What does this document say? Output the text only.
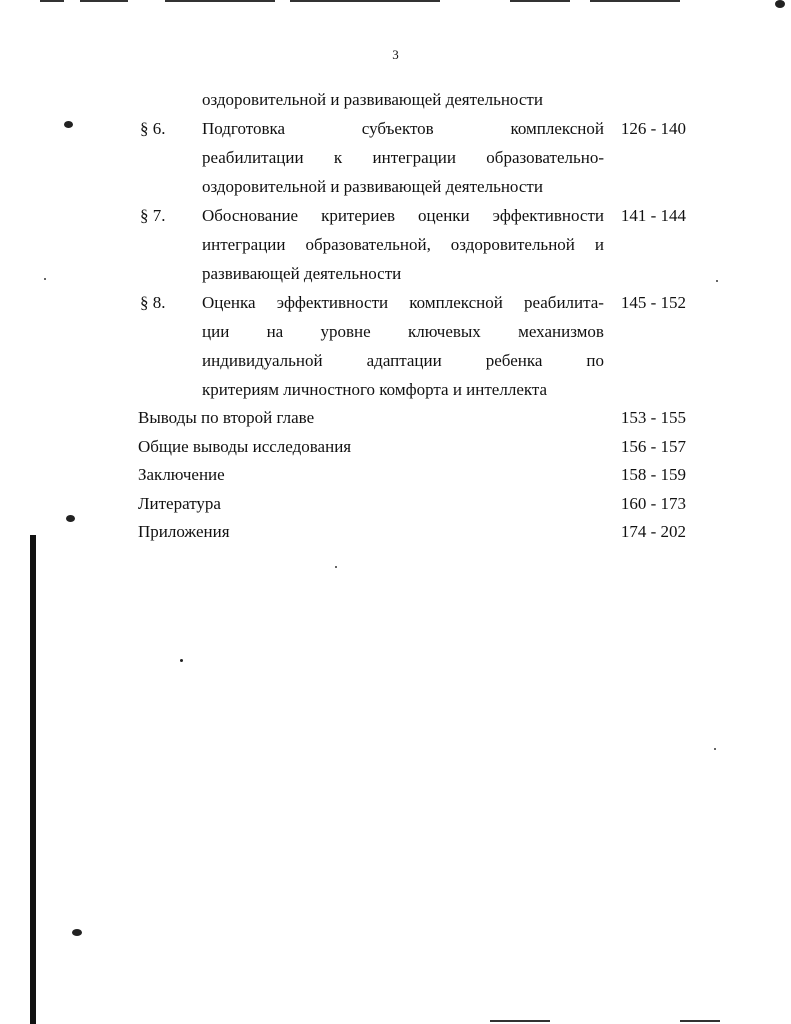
3
оздоровительной и развивающей деятельности
§ 6. Подготовка	субъектов	комплексной 126 - 140
реабилитации к интеграции образовательно-
оздоровительной и развивающей деятельности
§ 7. Обоснование критериев оценки эффективности 141 - 144
интеграции образовательной, оздоровительной и
развивающей деятельности
§ 8. Оценка эффективности комплексной реабилита- 145 - 152
ции на уровне ключевых механизмов
индивидуальной	адаптации	ребенка	по
критериям личностного комфорта и интеллекта
Выводы по второй главе	153 - 155
Общие выводы исследования	156 - 157
Заключение	158 - 159
Литература	160 - 173
Приложения	174 - 202
